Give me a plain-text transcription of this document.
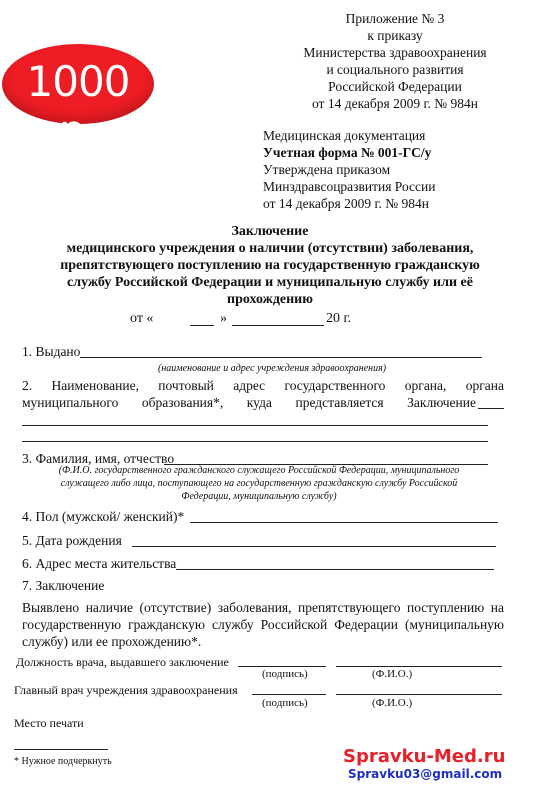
1000 р.
Приложение № 3
к приказу
Министерства здравоохранения
и социального развития
Российской Федерации
от 14 декабря 2009 г. № 984н
Медицинская документация
Учетная форма № 001-ГС/у
Утверждена приказом
Минздравсоцразвития России
от 14 декабря 2009 г. № 984н
Заключение
медицинского учреждения о наличии (отсутствии) заболевания,
препятствующего поступлению на государственную гражданскую
службу Российской Федерации и муниципальную службу или её
прохождению
от «	»	20 г.
1. Выдано
(наименование и адрес учреждения здравоохранения)
2. Наименование, почтовый адрес государственного органа, органа
муниципального образования*, куда представляется Заключение
3. Фамилия, имя, отчество
(Ф.И.О. государственного гражданского служащего Российской Федерации, муниципального
служащего либо лица, поступающего на государственную гражданскую службу Российской
Федерации, муниципальную службу)
4. Пол (мужской/ женский)*
5. Дата рождения
6. Адрес места жительства
7. Заключение
Выявлено наличие (отсутствие) заболевания, препятствующего поступлению на
государственную гражданскую службу Российской Федерации (муниципальную
службу) или ее прохождению*.
Должность врача, выдавшего заключение
(подпись)	(Ф.И.О.)
Главный врач учреждения здравоохранения
(подпись)	(Ф.И.О.)
Место печати
* Нужное подчеркнуть	Spravku-Med.ru
Spravku03@gmail.com
